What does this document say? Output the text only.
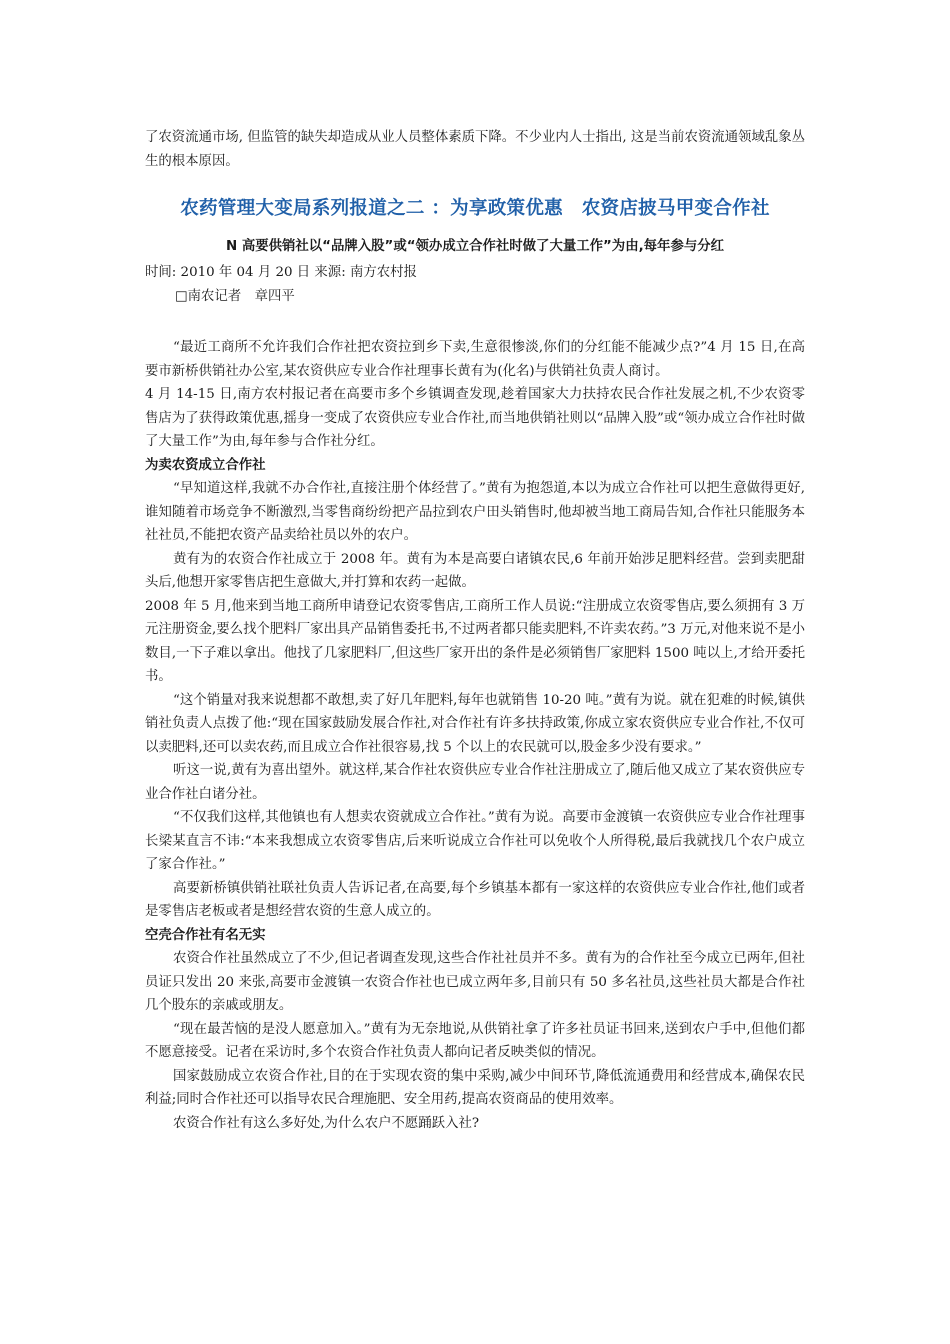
了农资流通市场, 但监管的缺失却造成从业人员整体素质下降。不少业内人士指出, 这是当前农资流通领域乱象丛生的根本原因。

农药管理大变局系列报道之二 ：为享政策优惠　农资店披马甲变合作社
N 高要供销社以“品牌入股”或“领办成立合作社时做了大量工作”为由,每年参与分红
时间: 2010 年 04 月 20 日 来源: 南方农村报
□南农记者　章四平

“最近工商所不允许我们合作社把农资拉到乡下卖,生意很惨淡,你们的分红能不能减少点?”4 月 15 日,在高要市新桥供销社办公室,某农资供应专业合作社理事长黄有为(化名)与供销社负责人商讨。

4 月 14-15 日,南方农村报记者在高要市多个乡镇调查发现,趁着国家大力扶持农民合作社发展之机,不少农资零售店为了获得政策优惠,摇身一变成了农资供应专业合作社,而当地供销社则以“品牌入股”或“领办成立合作社时做了大量工作”为由,每年参与合作社分红。

为卖农资成立合作社

“早知道这样,我就不办合作社,直接注册个体经营了。”黄有为抱怨道,本以为成立合作社可以把生意做得更好,谁知随着市场竞争不断激烈,当零售商纷纷把产品拉到农户田头销售时,他却被当地工商局告知,合作社只能服务本社社员,不能把农资产品卖给社员以外的农户。

黄有为的农资合作社成立于 2008 年。黄有为本是高要白诸镇农民,6 年前开始涉足肥料经营。尝到卖肥甜头后,他想开家零售店把生意做大,并打算和农药一起做。

2008 年 5 月,他来到当地工商所申请登记农资零售店,工商所工作人员说:“注册成立农资零售店,要么须拥有 3 万元注册资金,要么找个肥料厂家出具产品销售委托书,不过两者都只能卖肥料,不许卖农药。”3 万元,对他来说不是小数目,一下子难以拿出。他找了几家肥料厂,但这些厂家开出的条件是必须销售厂家肥料 1500 吨以上,才给开委托书。

“这个销量对我来说想都不敢想,卖了好几年肥料,每年也就销售 10-20 吨。”黄有为说。就在犯难的时候,镇供销社负责人点拨了他:“现在国家鼓励发展合作社,对合作社有许多扶持政策,你成立家农资供应专业合作社,不仅可以卖肥料,还可以卖农药,而且成立合作社很容易,找 5 个以上的农民就可以,股金多少没有要求。”

听这一说,黄有为喜出望外。就这样,某合作社农资供应专业合作社注册成立了,随后他又成立了某农资供应专业合作社白诸分社。

“不仅我们这样,其他镇也有人想卖农资就成立合作社。”黄有为说。高要市金渡镇一农资供应专业合作社理事长梁某直言不讳:“本来我想成立农资零售店,后来听说成立合作社可以免收个人所得税,最后我就找几个农户成立了家合作社。”

高要新桥镇供销社联社负责人告诉记者,在高要,每个乡镇基本都有一家这样的农资供应专业合作社,他们或者是零售店老板或者是想经营农资的生意人成立的。

空壳合作社有名无实

农资合作社虽然成立了不少,但记者调查发现,这些合作社社员并不多。黄有为的合作社至今成立已两年,但社员证只发出 20 来张,高要市金渡镇一农资合作社也已成立两年多,目前只有 50 多名社员,这些社员大都是合作社几个股东的亲戚或朋友。

“现在最苦恼的是没人愿意加入。”黄有为无奈地说,从供销社拿了许多社员证书回来,送到农户手中,但他们都不愿意接受。记者在采访时,多个农资合作社负责人都向记者反映类似的情况。

国家鼓励成立农资合作社,目的在于实现农资的集中采购,减少中间环节,降低流通费用和经营成本,确保农民利益;同时合作社还可以指导农民合理施肥、安全用药,提高农资商品的使用效率。

农资合作社有这么多好处,为什么农户不愿踊跃入社?
